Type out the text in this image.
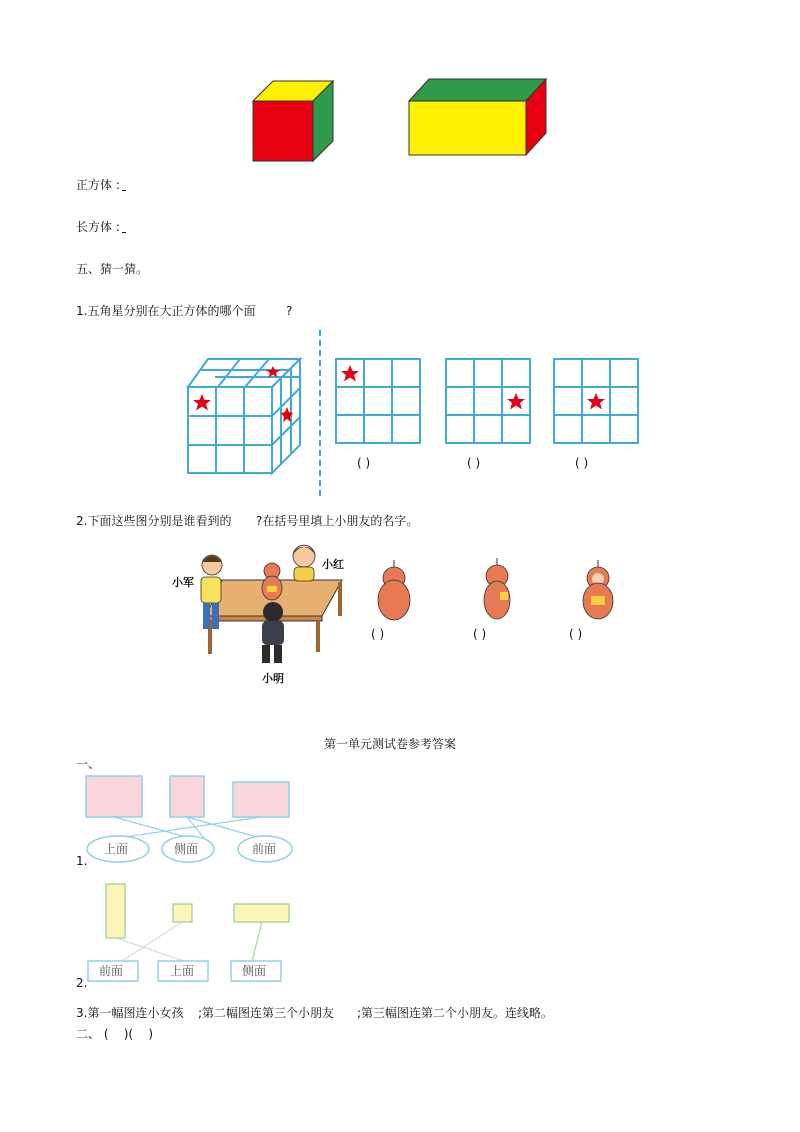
正方体 :
长方体 :
五、猜一猜。
1.五角星分别在大正方体的哪个面	?
( )	( )	( )
2.下面这些图分别是谁看到的 ?在括号里填上小朋友的名字。
小军
小红
小明
( )	( )	( )
第一单元测试卷参考答案
一、
上面	侧面	前面
1.
前面	上面	侧面
2.
3.第一幅图连小女孩 ;第二幅图连第三个小朋友 ;第三幅图连第二个小朋友。连线略。
二、 (    )(    )
